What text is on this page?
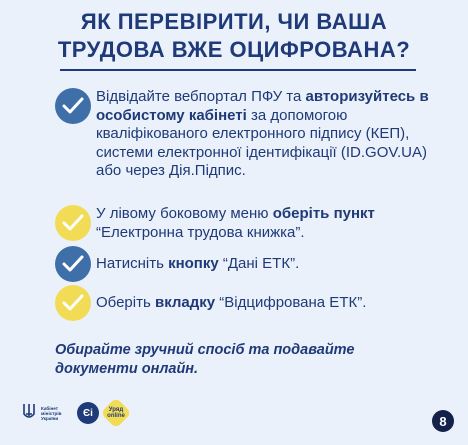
ЯК ПЕРЕВІРИТИ, ЧИ ВАША
ТРУДОВА ВЖЕ ОЦИФРОВАНА?
Відвідайте вебпортал ПФУ та авторизуйтесь в особистому кабінеті за допомогою кваліфікованого електронного підпису (КЕП), системи електронної ідентифікації (ID.GOV.UA) або через Дія.Підпис.
У лівому боковому меню оберіть пункт “Електронна трудова книжка”.
Натисніть кнопку “Дані ЕТК”.
Оберіть вкладку “Відцифрована ЕТК”.
Обирайте зручний спосіб та подавайте документи онлайн.
Кабінет міністрів України	Єі	Уряд online	8
